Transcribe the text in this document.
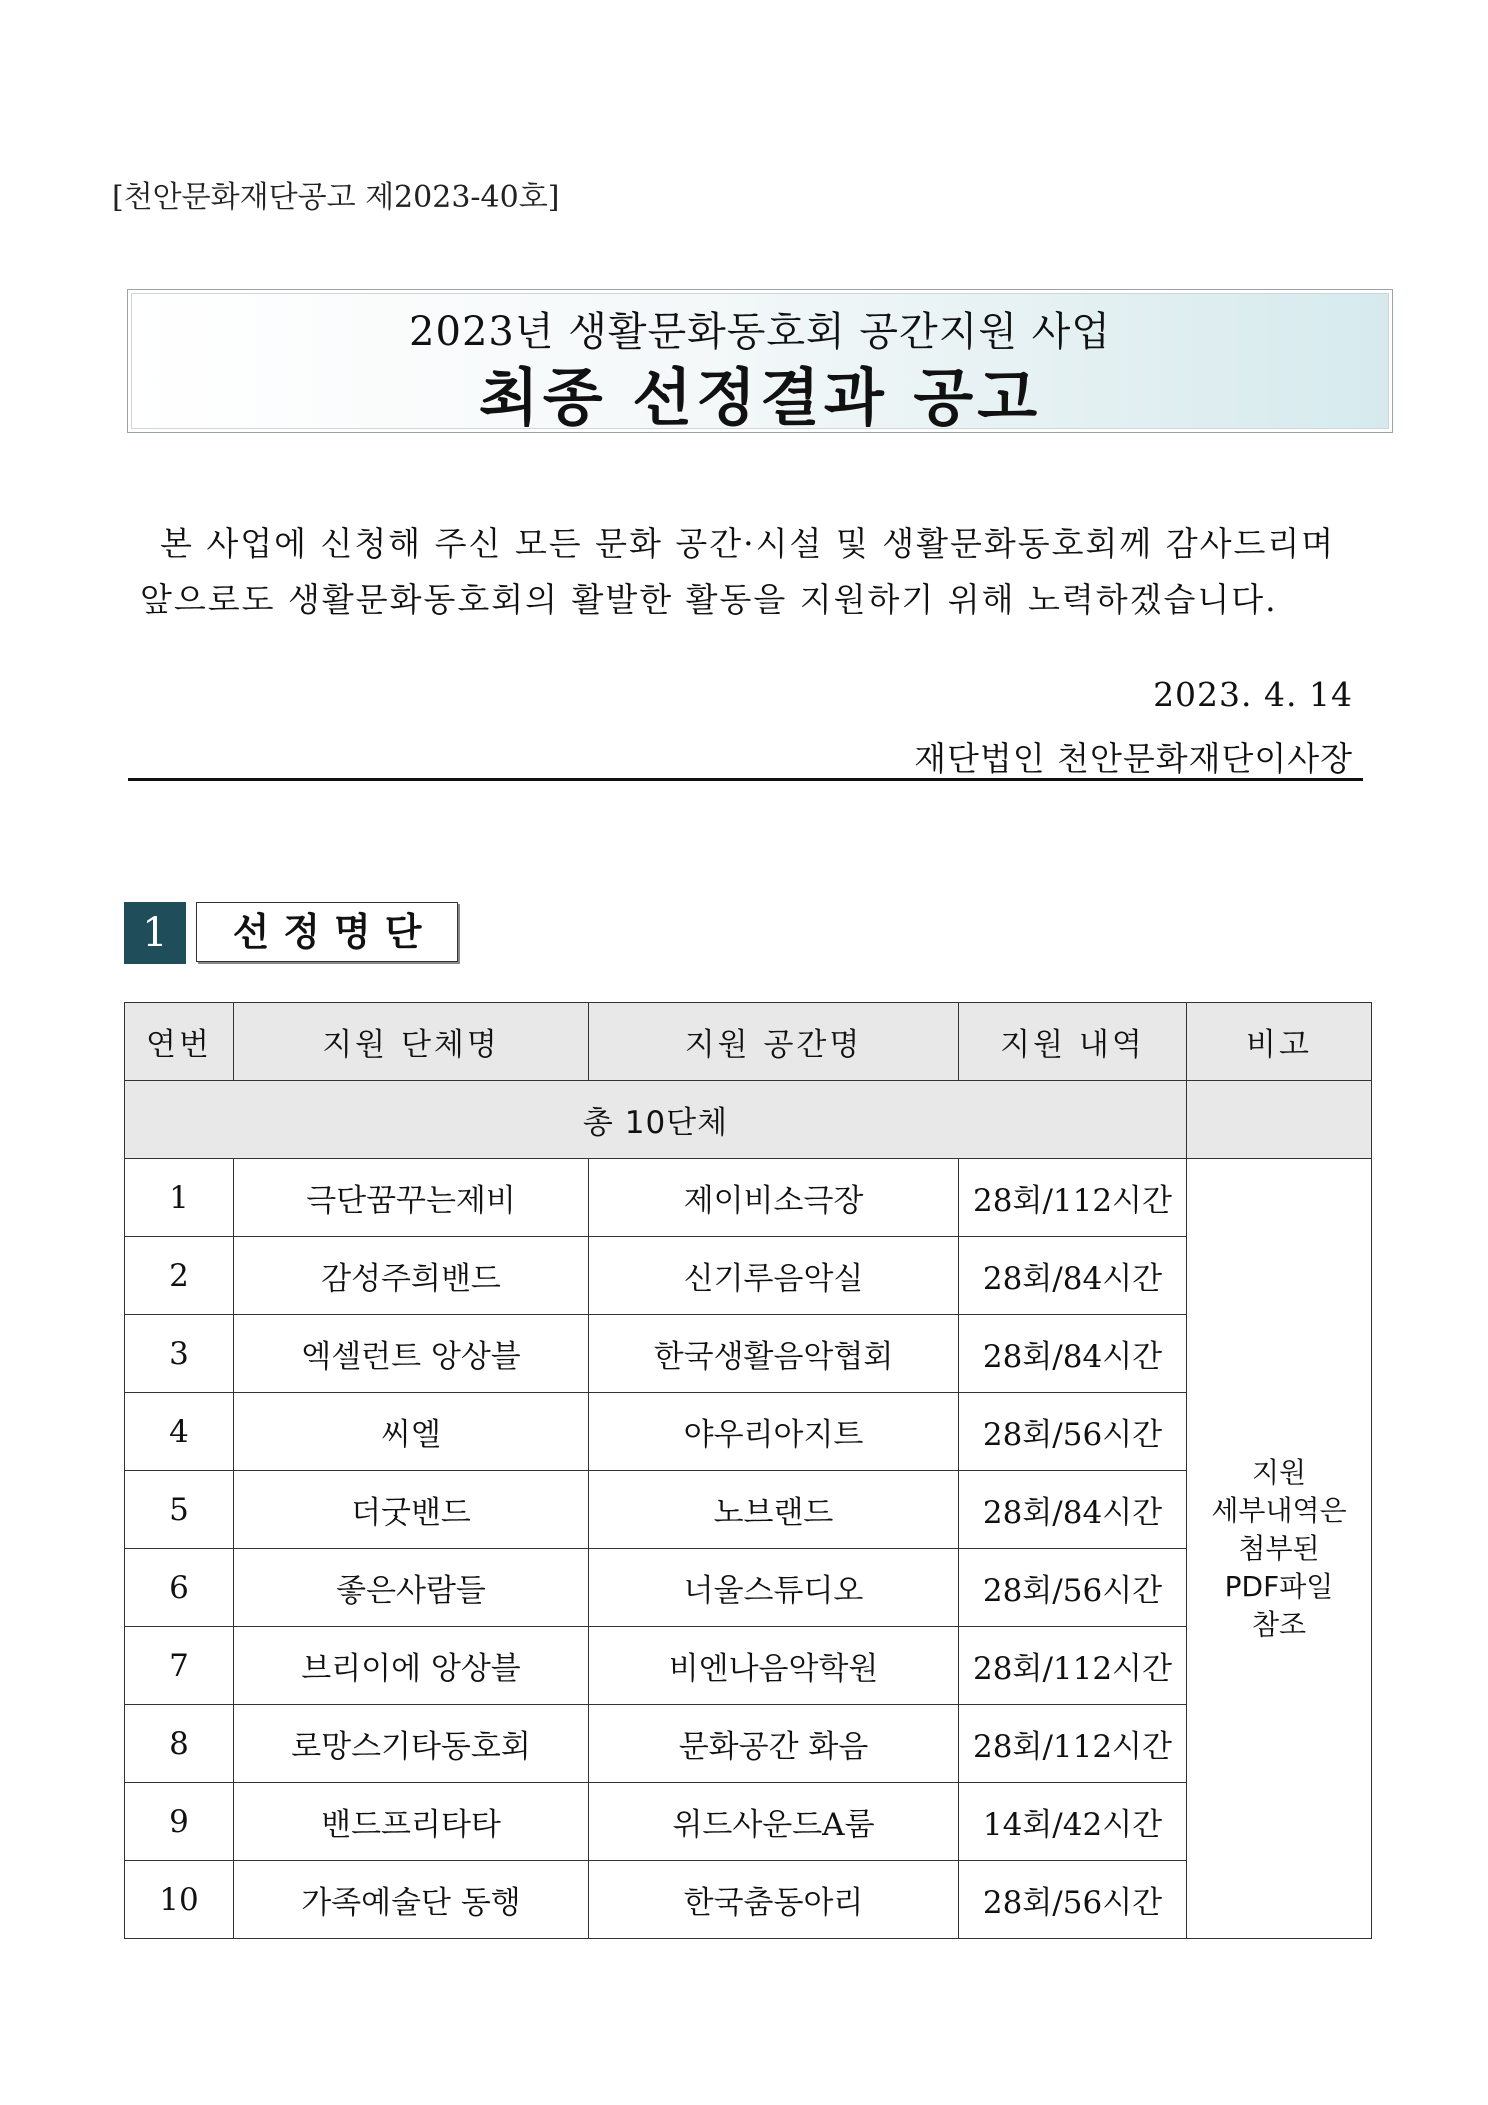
[천안문화재단공고 제2023-40호]
2023년 생활문화동호회 공간지원 사업
최종 선정결과 공고
본 사업에 신청해 주신 모든 문화 공간·시설 및 생활문화동호회께 감사드리며
앞으로도 생활문화동호회의 활발한 활동을 지원하기 위해 노력하겠습니다.
2023. 4. 14
재단법인 천안문화재단이사장
1	선정명단
연번	지원 단체명	지원 공간명	지원 내역	비고
총 10단체				
1	극단꿈꾸는제비	제이비소극장	28회/112시간	지원
세부내역은
첨부된
PDF파일
참조

2	감성주희밴드	신기루음악실	28회/84시간	
3	엑셀런트 앙상블	한국생활음악협회	28회/84시간	
4	씨엘	야우리아지트	28회/56시간	
5	더굿밴드	노브랜드	28회/84시간	
6	좋은사람들	너울스튜디오	28회/56시간	
7	브리이에 앙상블	비엔나음악학원	28회/112시간	
8	로망스기타동호회	문화공간 화음	28회/112시간	
9	밴드프리타타	위드사운드A룸	14회/42시간	
10	가족예술단 동행	한국춤동아리	28회/56시간	
